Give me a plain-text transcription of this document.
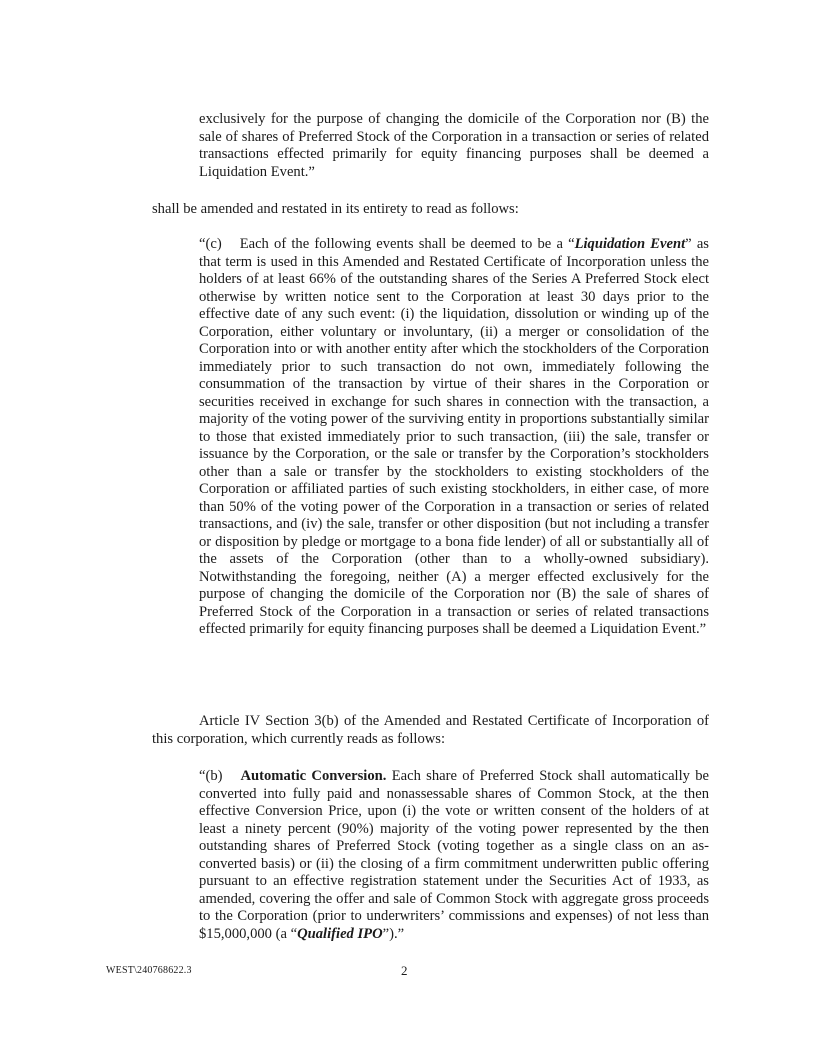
exclusively for the purpose of changing the domicile of the Corporation nor (B) the sale of shares of Preferred Stock of the Corporation in a transaction or series of related transactions effected primarily for equity financing purposes shall be deemed a Liquidation Event.”

shall be amended and restated in its entirety to read as follows:

“(c) Each of the following events shall be deemed to be a “Liquidation Event” as that term is used in this Amended and Restated Certificate of Incorporation unless the holders of at least 66% of the outstanding shares of the Series A Preferred Stock elect otherwise by written notice sent to the Corporation at least 30 days prior to the effective date of any such event: (i) the liquidation, dissolution or winding up of the Corporation, either voluntary or involuntary, (ii) a merger or consolidation of the Corporation into or with another entity after which the stockholders of the Corporation immediately prior to such transaction do not own, immediately following the consummation of the transaction by virtue of their shares in the Corporation or securities received in exchange for such shares in connection with the transaction, a majority of the voting power of the surviving entity in proportions substantially similar to those that existed immediately prior to such transaction, (iii) the sale, transfer or issuance by the Corporation, or the sale or transfer by the Corporation’s stockholders other than a sale or transfer by the stockholders to existing stockholders of the Corporation or affiliated parties of such existing stockholders, in either case, of more than 50% of the voting power of the Corporation in a transaction or series of related transactions, and (iv) the sale, transfer or other disposition (but not including a transfer or disposition by pledge or mortgage to a bona fide lender) of all or substantially all of the assets of the Corporation (other than to a wholly-owned subsidiary). Notwithstanding the foregoing, neither (A) a merger effected exclusively for the purpose of changing the domicile of the Corporation nor (B) the sale of shares of Preferred Stock of the Corporation in a transaction or series of related transactions effected primarily for equity financing purposes shall be deemed a Liquidation Event.”

Article IV Section 3(b) of the Amended and Restated Certificate of Incorporation of this corporation, which currently reads as follows:

“(b) Automatic Conversion. Each share of Preferred Stock shall automatically be converted into fully paid and nonassessable shares of Common Stock, at the then effective Conversion Price, upon (i) the vote or written consent of the holders of at least a ninety percent (90%) majority of the voting power represented by the then outstanding shares of Preferred Stock (voting together as a single class on an as-converted basis) or (ii) the closing of a firm commitment underwritten public offering pursuant to an effective registration statement under the Securities Act of 1933, as amended, covering the offer and sale of Common Stock with aggregate gross proceeds to the Corporation (prior to underwriters’ commissions and expenses) of not less than $15,000,000 (a “Qualified IPO”).”

WEST\240768622.3	2
